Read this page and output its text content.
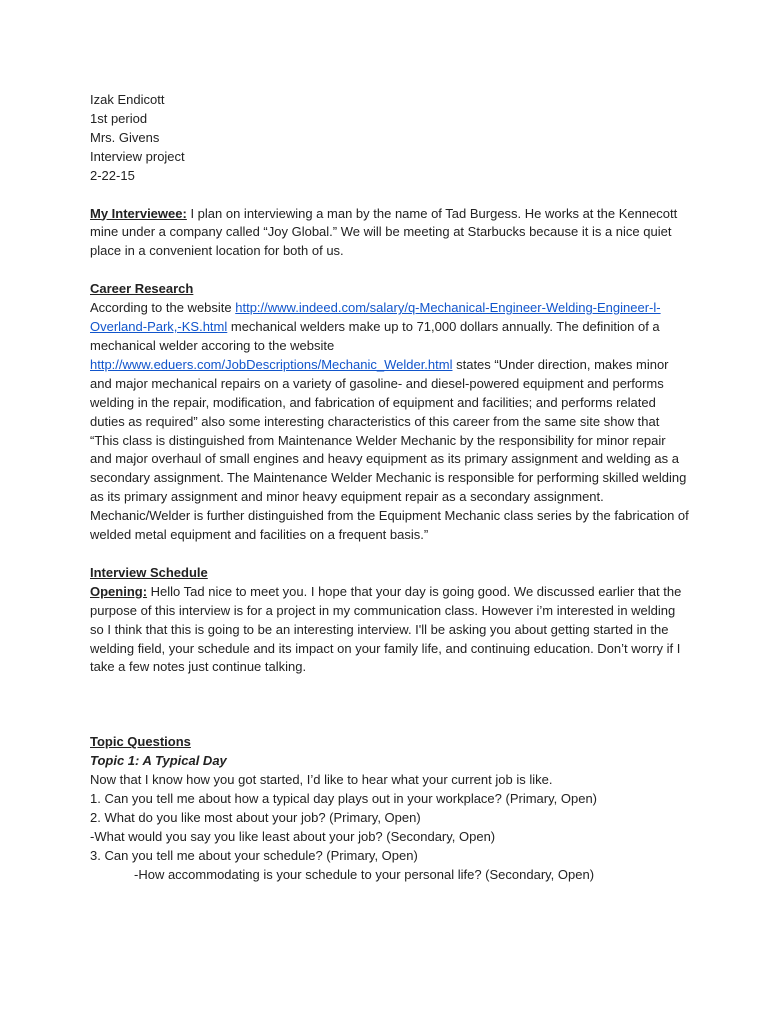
Izak Endicott
1st period
Mrs. Givens
Interview project
2-22-15

My Interviewee: I plan on interviewing a man by the name of Tad Burgess. He works at the Kennecott mine under a company called “Joy Global.” We will be meeting at Starbucks because it is a nice quiet place in a convenient location for both of us.

Career Research

According to the website http://www.indeed.com/salary/q-Mechanical-Engineer-Welding-Engineer-l-Overland-Park,-KS.html mechanical welders make up to 71,000 dollars annually. The definition of a mechanical welder accoring to the website http://www.eduers.com/JobDescriptions/Mechanic_Welder.html states “Under direction, makes minor and major mechanical repairs on a variety of gasoline- and diesel-powered equipment and performs welding in the repair, modification, and fabrication of equipment and facilities; and performs related duties as required” also some interesting characteristics of this career from the same site show that “This class is distinguished from Maintenance Welder Mechanic by the responsibility for minor repair and major overhaul of small engines and heavy equipment as its primary assignment and welding as a secondary assignment. The Maintenance Welder Mechanic is responsible for performing skilled welding as its primary assignment and minor heavy equipment repair as a secondary assignment. Mechanic/Welder is further distinguished from the Equipment Mechanic class series by the fabrication of welded metal equipment and facilities on a frequent basis.”

Interview Schedule

Opening: Hello Tad nice to meet you. I hope that your day is going good. We discussed earlier that the purpose of this interview is for a project in my communication class. However i’m interested in welding so I think that this is going to be an interesting interview. I'll be asking you about getting started in the welding field, your schedule and its impact on your family life, and continuing education. Don’t worry if I take a few notes just continue talking.

Topic Questions

Topic 1: A Typical Day

Now that I know how you got started, I’d like to hear what your current job is like.

1. Can you tell me about how a typical day plays out in your workplace? (Primary, Open)

2. What do you like most about your job? (Primary, Open)

-What would you say you like least about your job? (Secondary, Open)

3. Can you tell me about your schedule? (Primary, Open)

-How accommodating is your schedule to your personal life? (Secondary, Open)
